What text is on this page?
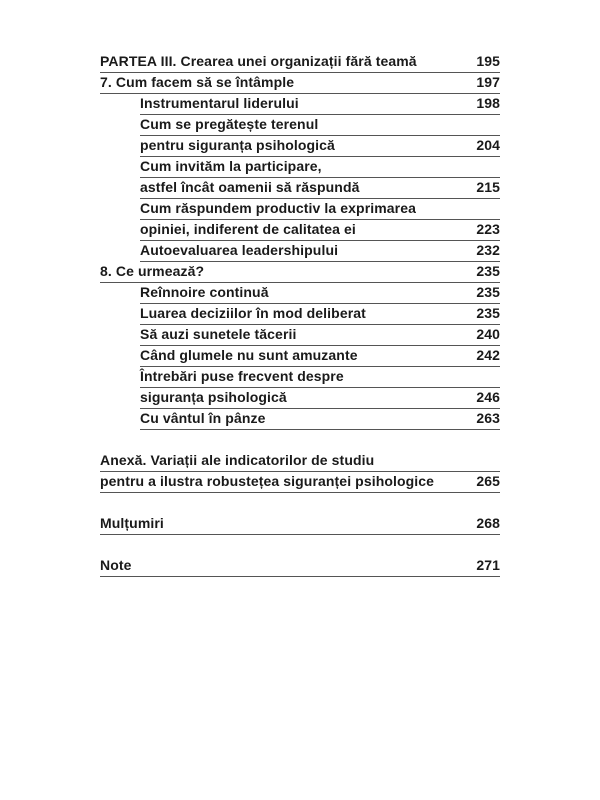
PARTEA III. Crearea unei organizații fără teamă	195
7. Cum facem să se întâmple	197
Instrumentarul liderului	198
Cum se pregătește terenul
pentru siguranța psihologică	204
Cum invităm la participare,
astfel încât oamenii să răspundă	215
Cum răspundem productiv la exprimarea
opiniei, indiferent de calitatea ei	223
Autoevaluarea leadershipului	232
8. Ce urmează?	235
Reînnoire continuă	235
Luarea deciziilor în mod deliberat	235
Să auzi sunetele tăcerii	240
Când glumele nu sunt amuzante	242
Întrebări puse frecvent despre
siguranța psihologică	246
Cu vântul în pânze	263
Anexă. Variații ale indicatorilor de studiu
pentru a ilustra robustețea siguranței psihologice	265
Mulțumiri	268
Note	271
